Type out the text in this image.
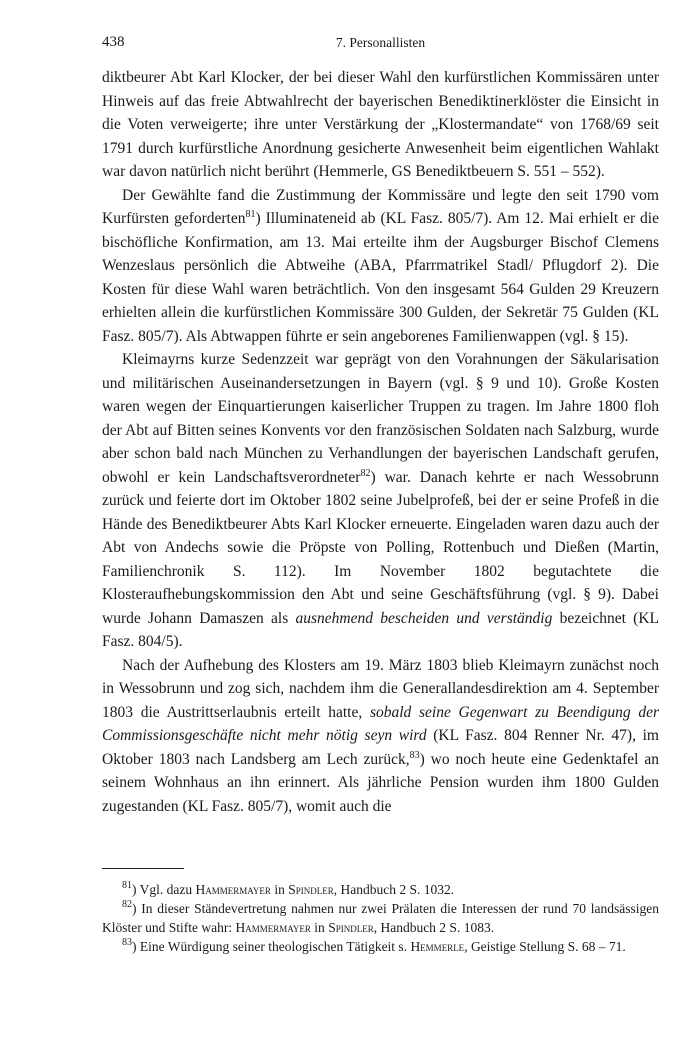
438	7. Personallisten

diktbeurer Abt Karl Klocker, der bei dieser Wahl den kurfürstlichen Kommissären unter Hinweis auf das freie Abtwahlrecht der bayerischen Benediktinerklöster die Einsicht in die Voten verweigerte; ihre unter Verstärkung der „Klostermandate“ von 1768/69 seit 1791 durch kurfürstliche Anordnung gesicherte Anwesenheit beim eigentlichen Wahlakt war davon natürlich nicht berührt (Hemmerle, GS Benediktbeuern S. 551 – 552).

Der Gewählte fand die Zustimmung der Kommissäre und legte den seit 1790 vom Kurfürsten geforderten$^{81}$) Illuminateneid ab (KL Fasz. 805/7). Am 12. Mai erhielt er die bischöfliche Konfirmation, am 13. Mai erteilte ihm der Augsburger Bischof Clemens Wenzeslaus persönlich die Abtweihe (ABA, Pfarrmatrikel Stadl/ Pflugdorf 2). Die Kosten für diese Wahl waren beträchtlich. Von den insgesamt 564 Gulden 29 Kreuzern erhielten allein die kurfürstlichen Kommissäre 300 Gulden, der Sekretär 75 Gulden (KL Fasz. 805/7). Als Abtwappen führte er sein angeborenes Familienwappen (vgl. § 15).

Kleimayrns kurze Sedenzzeit war geprägt von den Vorahnungen der Säkularisation und militärischen Auseinandersetzungen in Bayern (vgl. § 9 und 10). Große Kosten waren wegen der Einquartierungen kaiserlicher Truppen zu tragen. Im Jahre 1800 floh der Abt auf Bitten seines Konvents vor den französischen Soldaten nach Salzburg, wurde aber schon bald nach München zu Verhandlungen der bayerischen Landschaft gerufen, obwohl er kein Landschaftsverordneter$^{82}$) war. Danach kehrte er nach Wessobrunn zurück und feierte dort im Oktober 1802 seine Jubelprofeß, bei der er seine Profeß in die Hände des Benediktbeurer Abts Karl Klocker erneuerte. Eingeladen waren dazu auch der Abt von Andechs sowie die Pröpste von Polling, Rottenbuch und Dießen (Martin, Familienchronik S. 112). Im November 1802 begutachtete die Klosteraufhebungskommission den Abt und seine Geschäftsführung (vgl. § 9). Dabei wurde Johann Damaszen als ausnehmend bescheiden und verständig bezeichnet (KL Fasz. 804/5).

Nach der Aufhebung des Klosters am 19. März 1803 blieb Kleimayrn zunächst noch in Wessobrunn und zog sich, nachdem ihm die Generallandesdirektion am 4. September 1803 die Austrittserlaubnis erteilt hatte, sobald seine Gegenwart zu Beendigung der Commissionsgeschäfte nicht mehr nötig seyn wird (KL Fasz. 804 Renner Nr. 47), im Oktober 1803 nach Landsberg am Lech zurück,$^{83}$) wo noch heute eine Gedenktafel an seinem Wohnhaus an ihn erinnert. Als jährliche Pension wurden ihm 1800 Gulden zugestanden (KL Fasz. 805/7), womit auch die

$^{81}$) Vgl. dazu Hammermayer in Spindler, Handbuch 2 S. 1032.

$^{82}$) In dieser Ständevertretung nahmen nur zwei Prälaten die Interessen der rund 70 landsässigen Klöster und Stifte wahr: Hammermayer in Spindler, Handbuch 2 S. 1083.

$^{83}$) Eine Würdigung seiner theologischen Tätigkeit s. Hemmerle, Geistige Stellung S. 68 – 71.
